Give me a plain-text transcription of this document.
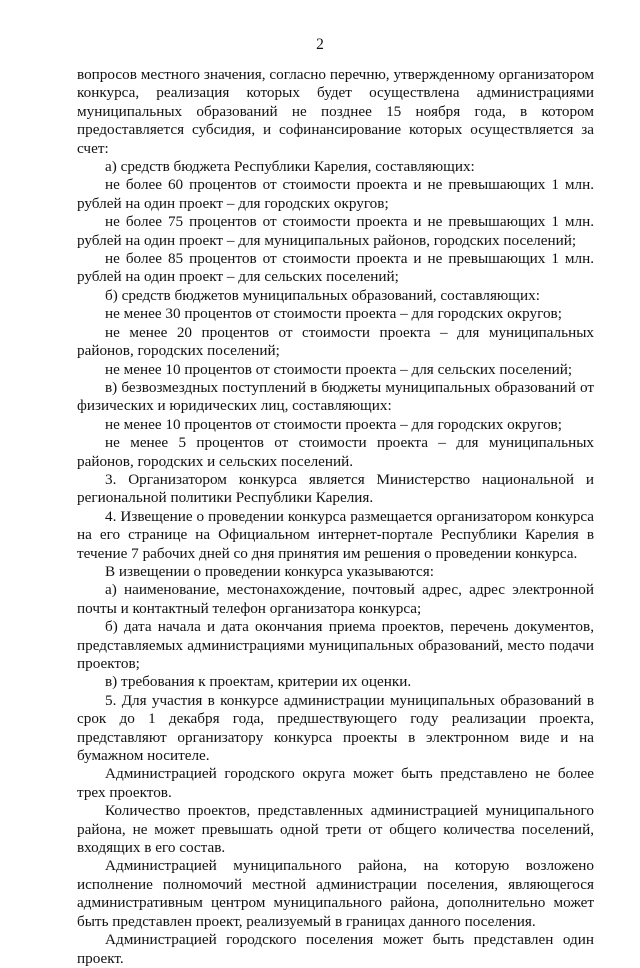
2

вопросов местного значения, согласно перечню, утвержденному организатором конкурса, реализация которых будет осуществлена администрациями муниципальных образований не позднее 15 ноября года, в котором предоставляется субсидия, и софинансирование которых осуществляется за счет:

а) средств бюджета Республики Карелия, составляющих:

не более 60 процентов от стоимости проекта и не превышающих 1 млн. рублей на один проект – для городских округов;

не более 75 процентов от стоимости проекта и не превышающих 1 млн. рублей на один проект – для муниципальных районов, городских поселений;

не более 85 процентов от стоимости проекта и не превышающих 1 млн. рублей на один проект – для сельских поселений;

б) средств бюджетов муниципальных образований, составляющих:

не менее 30 процентов от стоимости проекта – для городских округов;

не менее 20 процентов от стоимости проекта – для муниципальных районов, городских поселений;

не менее 10 процентов от стоимости проекта – для сельских поселений;

в) безвозмездных поступлений в бюджеты муниципальных образований от физических и юридических лиц, составляющих:

не менее 10 процентов от стоимости проекта – для городских округов;

не менее 5 процентов от стоимости проекта – для муниципальных районов, городских и сельских поселений.

3. Организатором конкурса является Министерство национальной и региональной политики Республики Карелия.

4. Извещение о проведении конкурса размещается организатором конкурса на его странице на Официальном интернет-портале Республики Карелия в течение 7 рабочих дней со дня принятия им решения о проведении конкурса.

В извещении о проведении конкурса указываются:

а) наименование, местонахождение, почтовый адрес, адрес электронной почты и контактный телефон организатора конкурса;

б) дата начала и дата окончания приема проектов, перечень документов, представляемых администрациями муниципальных образований, место подачи проектов;

в) требования к проектам, критерии их оценки.

5. Для участия в конкурсе администрации муниципальных образований в срок до 1 декабря года, предшествующего году реализации проекта, представляют организатору конкурса проекты в электронном виде и на бумажном носителе.

Администрацией городского округа может быть представлено не более трех проектов.

Количество проектов, представленных администрацией муниципального района, не может превышать одной трети от общего количества поселений, входящих в его состав.

Администрацией муниципального района, на которую возложено исполнение полномочий местной администрации поселения, являющегося административным центром муниципального района, дополнительно может быть представлен проект, реализуемый в границах данного поселения.

Администрацией городского поселения может быть представлен один проект.
